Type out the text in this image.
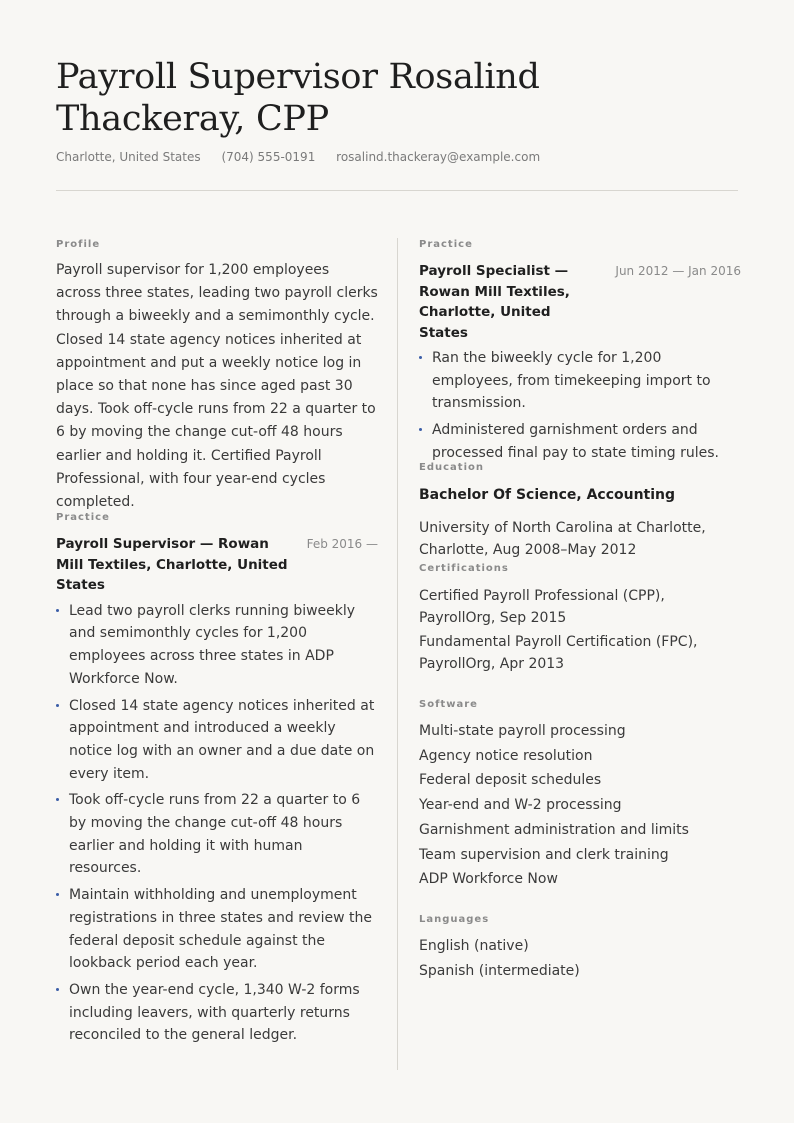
Payroll Supervisor Rosalind Thackeray, CPP
Charlotte, United States (704) 555-0191 rosalind.thackeray@example.com

Profile

Payroll supervisor for 1,200 employees across three states, leading two payroll clerks through a biweekly and a semimonthly cycle. Closed 14 state agency notices inherited at appointment and put a weekly notice log in place so that none has since aged past 30 days. Took off-cycle runs from 22 a quarter to 6 by moving the change cut-off 48 hours earlier and holding it. Certified Payroll Professional, with four year-end cycles completed.

Practice

Payroll Supervisor — Rowan Mill Textiles, Charlotte, United States
Feb 2016 —
Lead two payroll clerks running biweekly and semimonthly cycles for 1,200 employees across three states in ADP Workforce Now.
Closed 14 state agency notices inherited at appointment and introduced a weekly notice log with an owner and a due date on every item.
Took off-cycle runs from 22 a quarter to 6 by moving the change cut-off 48 hours earlier and holding it with human resources.
Maintain withholding and unemployment registrations in three states and review the federal deposit schedule against the lookback period each year.
Own the year-end cycle, 1,340 W-2 forms including leavers, with quarterly returns reconciled to the general ledger.

Practice

Payroll Specialist — Rowan Mill Textiles, Charlotte, United States
Jun 2012 — Jan 2016
Ran the biweekly cycle for 1,200 employees, from timekeeping import to transmission.
Administered garnishment orders and processed final pay to state timing rules.

Education

Bachelor Of Science, Accounting
University of North Carolina at Charlotte,
Charlotte, Aug 2008–May 2012

Certifications

Certified Payroll Professional (CPP), PayrollOrg, Sep 2015
Fundamental Payroll Certification (FPC), PayrollOrg, Apr 2013

Software

Multi-state payroll processing
Agency notice resolution
Federal deposit schedules
Year-end and W-2 processing
Garnishment administration and limits
Team supervision and clerk training
ADP Workforce Now

Languages

English (native)
Spanish (intermediate)
